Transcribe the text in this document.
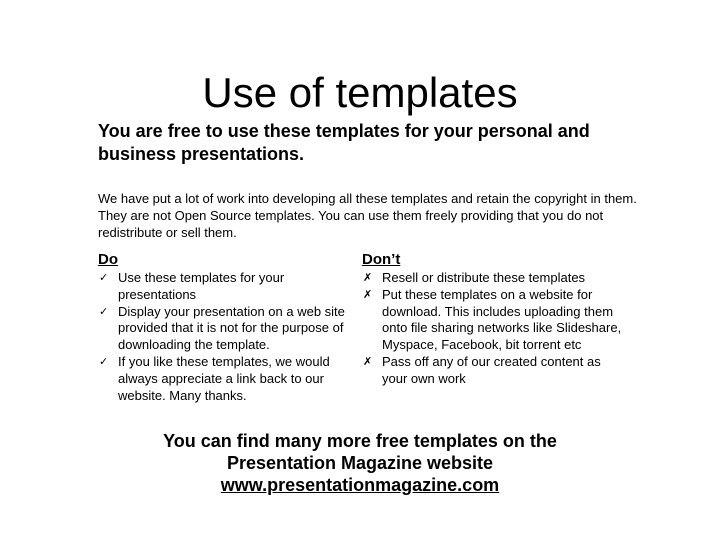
Use of templates
You are free to use these templates for your personal and business presentations.
We have put a lot of work into developing all these templates and retain the copyright in them. They are not Open Source templates. You can use them freely providing that you do not redistribute or sell them.
Do	Don’t
✓ Use these templates for your presentations
✓ Display your presentation on a web site provided that it is not for the purpose of downloading the template.
✓ If you like these templates, we would always appreciate a link back to our website. Many thanks.
✗ Resell or distribute these templates
✗ Put these templates on a website for download. This includes uploading them onto file sharing networks like Slideshare, Myspace, Facebook, bit torrent etc
✗ Pass off any of our created content as your own work
You can find many more free templates on the
Presentation Magazine website
www.presentationmagazine.com
